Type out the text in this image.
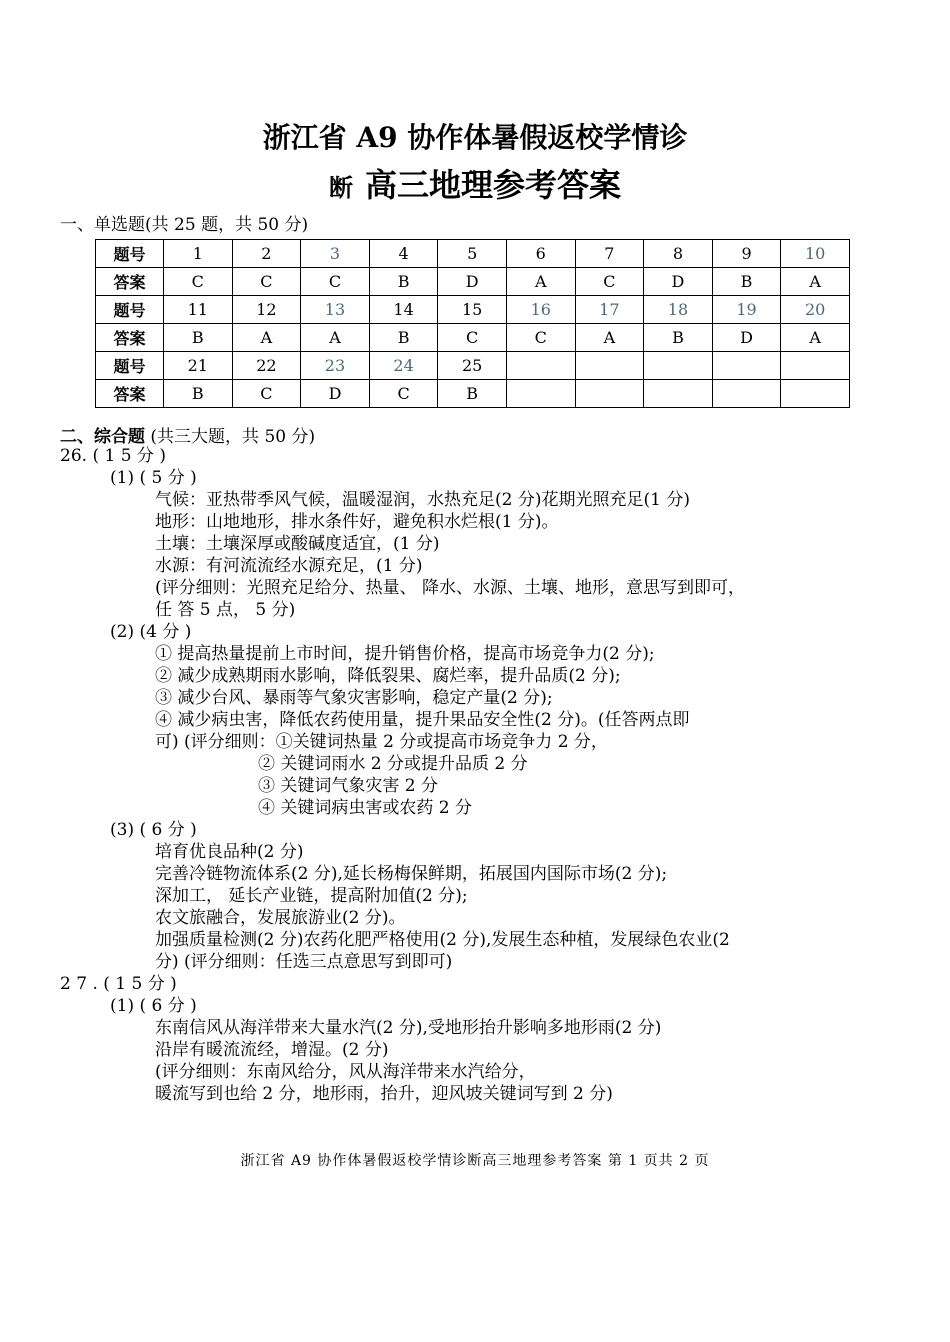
浙江省 A9 协作体暑假返校学情诊
断 高三地理参考答案
一、单选题(共 25 题，共 50 分)
题号	1	2	3	4	5	6	7	8	9	10
答案	C	C	C	B	D	A	C	D	B	A
题号	11	12	13	14	15	16	17	18	19	20
答案	B	A	A	B	C	C	A	B	D	A
题号	21	22	23	24	25					
答案	B	C	D	C	B					
二、综合题 (共三大题，共 50 分)
26. ( 1 5 分 )
(1) ( 5 分 )
气候：亚热带季风气候，温暖湿润，水热充足(2 分)花期光照充足(1 分)
地形：山地地形，排水条件好，避免积水烂根(1 分)。
土壤：土壤深厚或酸碱度适宜，(1 分)
水源：有河流流经水源充足，(1 分)
(评分细则：光照充足给分、热量、 降水、水源、土壤、地形，意思写到即可，
任 答 5 点， 5 分)
(2) (4 分 )
① 提高热量提前上市时间，提升销售价格，提高市场竞争力(2 分);
② 减少成熟期雨水影响，降低裂果、腐烂率，提升品质(2 分);
③ 减少台风、暴雨等气象灾害影响，稳定产量(2 分);
④ 减少病虫害，降低农药使用量，提升果品安全性(2 分)。(任答两点即
可) (评分细则：①关键词热量 2 分或提高市场竞争力 2 分，
② 关键词雨水 2 分或提升品质 2 分
③ 关键词气象灾害 2 分
④ 关键词病虫害或农药 2 分
(3) ( 6 分 )
培育优良品种(2 分)
完善冷链物流体系(2 分),延长杨梅保鲜期，拓展国内国际市场(2 分);
深加工， 延长产业链，提高附加值(2 分);
农文旅融合，发展旅游业(2 分)。
加强质量检测(2 分)农药化肥严格使用(2 分),发展生态种植，发展绿色农业(2
分) (评分细则：任选三点意思写到即可)
2 7 . ( 1 5 分 )
(1) ( 6 分 )
东南信风从海洋带来大量水汽(2 分),受地形抬升影响多地形雨(2 分)
沿岸有暖流流经，增湿。(2 分)
(评分细则：东南风给分，风从海洋带来水汽给分，
暖流写到也给 2 分，地形雨，抬升，迎风坡关键词写到 2 分)
浙江省 A9 协作体暑假返校学情诊断高三地理参考答案 第 1 页共 2 页
